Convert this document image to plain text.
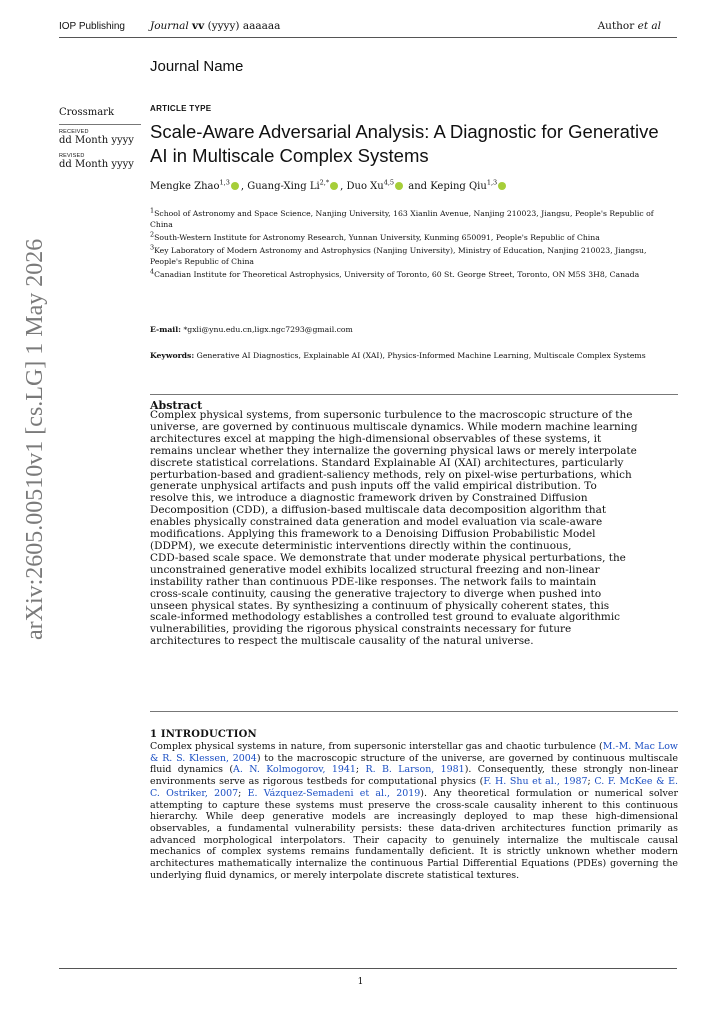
IOP Publishing Journal vv (yyyy) aaaaaa	Author et al
Journal Name
Crossmark
RECEIVED
dd Month yyyy
REVISED
dd Month yyyy
ARTICLE TYPE
Scale-Aware Adversarial Analysis: A Diagnostic for Generative
AI in Multiscale Complex Systems
Mengke Zhao$^{1,3}$ , Guang-Xing $Li^{2,*}$ , Duo Xu$^{4,5}$ and Keping Qiu$^{1,3}$

$^1$School of Astronomy and Space Science, Nanjing University, 163 Xianlin Avenue, Nanjing 210023, Jiangsu, People's Republic of China

$^2$South-Western Institute for Astronomy Research, Yunnan University, Kunming 650091, People's Republic of China

$^3$Key Laboratory of Modern Astronomy and Astrophysics (Nanjing University), Ministry of Education, Nanjing 210023, Jiangsu, People's Republic of China

$^4$Canadian Institute for Theoretical Astrophysics, University of Toronto, 60 St. George Street, Toronto, ON M5S 3H8, Canada

E-mail: *gxli@ynu.edu.cn,ligx.ngc7293@gmail.com
Keywords: Generative AI Diagnostics, Explainable AI (XAI), Physics-Informed Machine Learning, Multiscale Complex Systems
Abstract
Complex physical systems, from supersonic turbulence to the macroscopic structure of the
universe, are governed by continuous multiscale dynamics. While modern machine learning
architectures excel at mapping the high-dimensional observables of these systems, it
remains unclear whether they internalize the governing physical laws or merely interpolate
discrete statistical correlations. Standard Explainable AI (XAI) architectures, particularly
perturbation-based and gradient-saliency methods, rely on pixel-wise perturbations, which
generate unphysical artifacts and push inputs off the valid empirical distribution. To
resolve this, we introduce a diagnostic framework driven by Constrained Diffusion
Decomposition (CDD), a diffusion-based multiscale data decomposition algorithm that
enables physically constrained data generation and model evaluation via scale-aware
modifications. Applying this framework to a Denoising Diffusion Probabilistic Model
(DDPM), we execute deterministic interventions directly within the continuous,
CDD-based scale space. We demonstrate that under moderate physical perturbations, the
unconstrained generative model exhibits localized structural freezing and non-linear
instability rather than continuous PDE-like responses. The network fails to maintain
cross-scale continuity, causing the generative trajectory to diverge when pushed into
unseen physical states. By synthesizing a continuum of physically coherent states, this
scale-informed methodology establishes a controlled test ground to evaluate algorithmic
vulnerabilities, providing the rigorous physical constraints necessary for future
architectures to respect the multiscale causality of the natural universe.
1 INTRODUCTION
Complex physical systems in nature, from supersonic interstellar gas and chaotic turbulence (M.-M. Mac Low & R. S. Klessen, 2004) to the macroscopic structure of the universe, are governed by continuous multiscale fluid dynamics (A. N. Kolmogorov, 1941; R. B. Larson, 1981). Consequently, these strongly non-linear environments serve as rigorous testbeds for computational physics (F. H. Shu et al., 1987; C. F. McKee & E. C. Ostriker, 2007; E. Vázquez-Semadeni et al., 2019). Any theoretical formulation or numerical solver attempting to capture these systems must preserve the cross-scale causality inherent to this continuous hierarchy. While deep generative models are increasingly deployed to map these high-dimensional observables, a fundamental vulnerability persists: these data-driven architectures function primarily as advanced morphological interpolators. Their capacity to genuinely internalize the multiscale causal mechanics of complex systems remains fundamentally deficient. It is strictly unknown whether modern architectures mathematically internalize the continuous Partial Differential Equations (PDEs) governing the underlying fluid dynamics, or merely interpolate discrete statistical textures.
1
arXiv:2605.00510v1 [cs.LG] 1 May 2026
